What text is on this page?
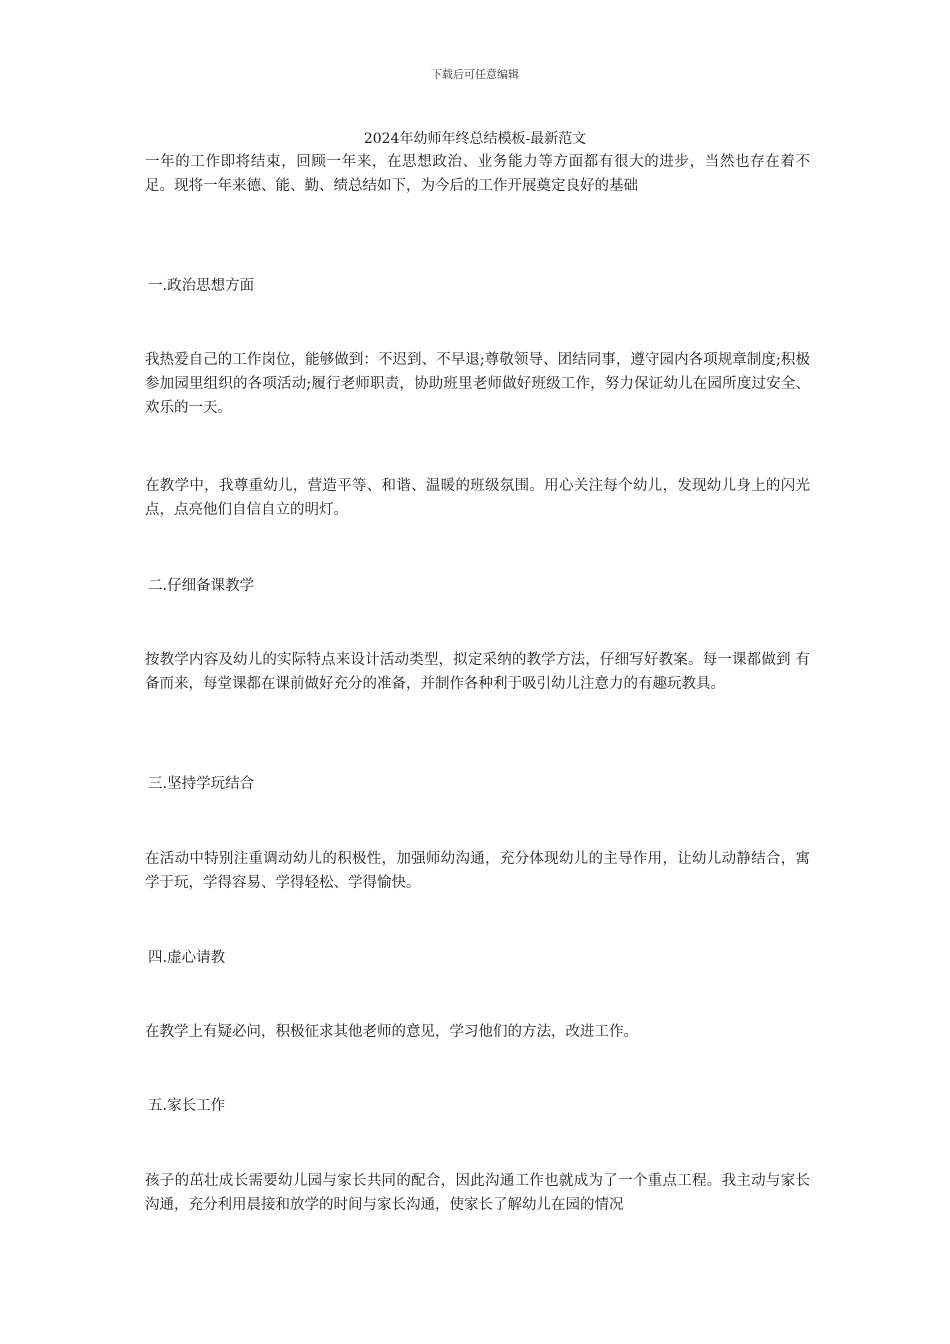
下载后可任意编辑
2024年幼师年终总结模板-最新范文
一年的工作即将结束，回顾一年来，在思想政治、业务能力等方面都有很大的进步，当然也存在着不足。现将一年来德、能、勤、绩总结如下，为今后的工作开展奠定良好的基础
一.政治思想方面
我热爱自己的工作岗位，能够做到：不迟到、不早退;尊敬领导、团结同事，遵守园内各项规章制度;积极参加园里组织的各项活动;履行老师职责，协助班里老师做好班级工作，努力保证幼儿在园所度过安全、欢乐的一天。
在教学中，我尊重幼儿，营造平等、和谐、温暖的班级氛围。用心关注每个幼儿，发现幼儿身上的闪光点，点亮他们自信自立的明灯。
二.仔细备课教学
按教学内容及幼儿的实际特点来设计活动类型，拟定采纳的教学方法，仔细写好教案。每一课都做到 有备而来，每堂课都在课前做好充分的准备，并制作各种利于吸引幼儿注意力的有趣玩教具。
三.坚持学玩结合
在活动中特别注重调动幼儿的积极性，加强师幼沟通，充分体现幼儿的主导作用，让幼儿动静结合，寓学于玩，学得容易、学得轻松、学得愉快。
四.虚心请教
在教学上有疑必问，积极征求其他老师的意见，学习他们的方法，改进工作。
五.家长工作
孩子的茁壮成长需要幼儿园与家长共同的配合，因此沟通工作也就成为了一个重点工程。我主动与家长沟通，充分利用晨接和放学的时间与家长沟通，使家长了解幼儿在园的情况
